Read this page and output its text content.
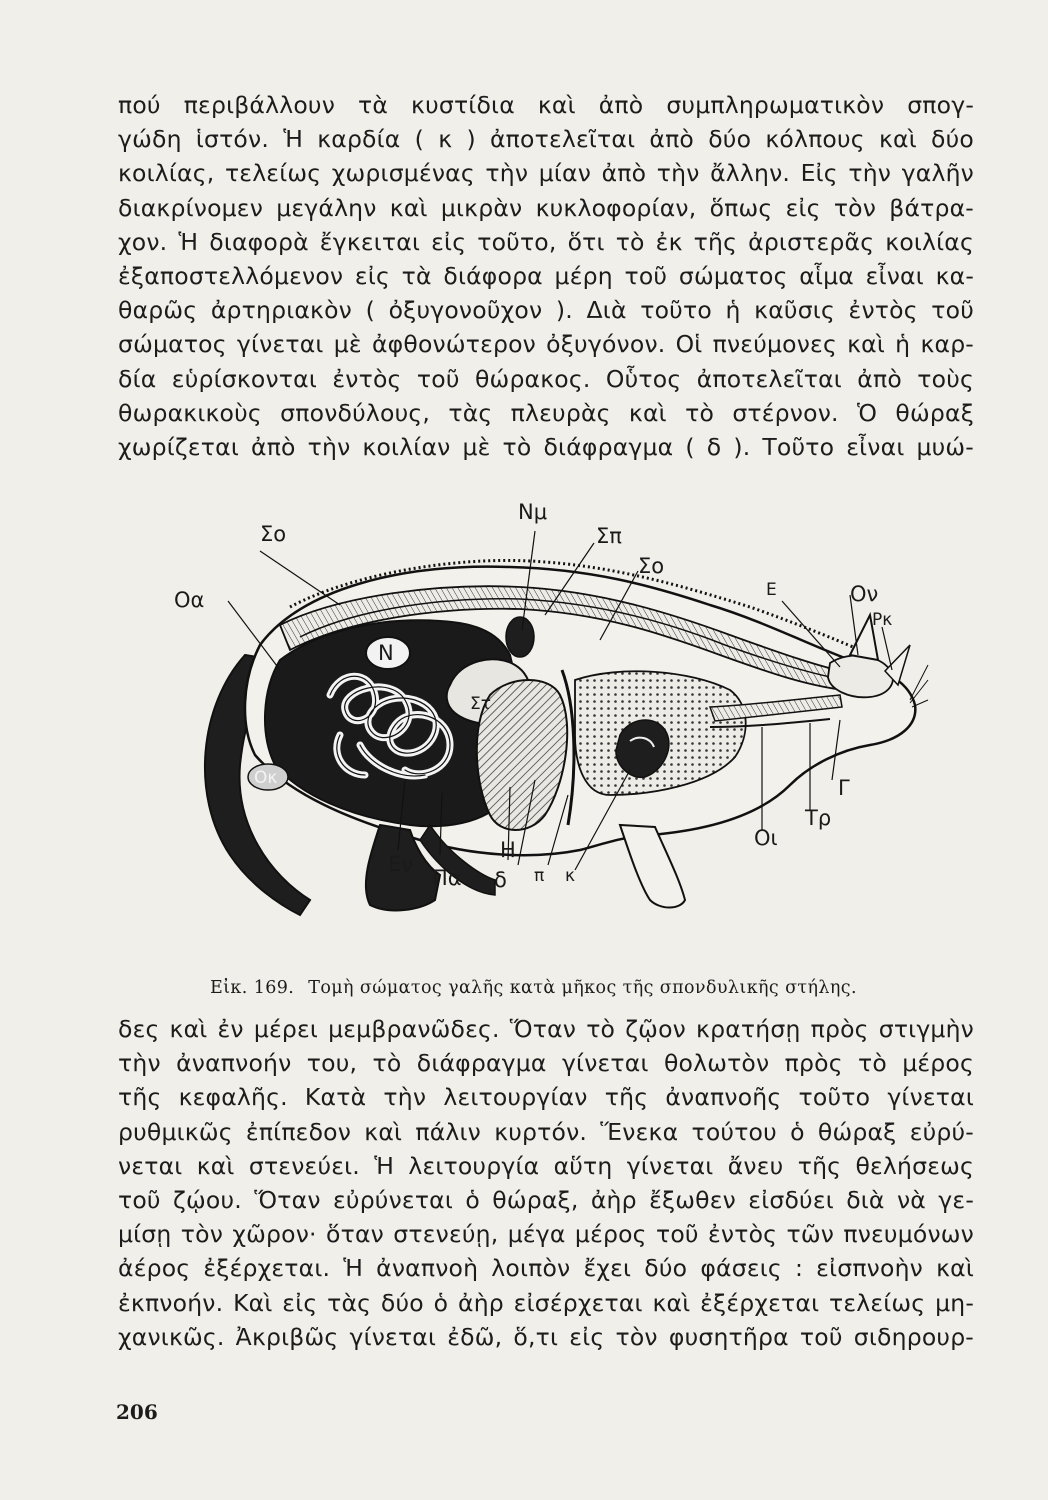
πού περιβάλλουν τὰ κυστίδια καὶ ἀπὸ συμπληρωματικὸν σπογ-
γώδη ἱστόν. Ἡ καρδία ( κ ) ἀποτελεῖται ἀπὸ δύο κόλπους καὶ δύο
κοιλίας, τελείως χωρισμένας τὴν μίαν ἀπὸ τὴν ἄλλην. Εἰς τὴν γαλῆν
διακρίνομεν μεγάλην καὶ μικρὰν κυκλοφορίαν, ὅπως εἰς τὸν βάτρα-
χον. Ἡ διαφορὰ ἔγκειται εἰς τοῦτο, ὅτι τὸ ἐκ τῆς ἀριστερᾶς κοιλίας
ἐξαποστελλόμενον εἰς τὰ διάφορα μέρη τοῦ σώματος αἷμα εἶναι κα-
θαρῶς ἀρτηριακὸν ( ὀξυγονοῦχον ). Διὰ τοῦτο ἡ καῦσις ἐντὸς τοῦ
σώματος γίνεται μὲ ἀφθονώτερον ὀξυγόνον. Οἱ πνεύμονες καὶ ἡ καρ-
δία εὑρίσκονται ἐντὸς τοῦ θώρακος. Οὗτος ἀποτελεῖται ἀπὸ τοὺς
θωρακικοὺς σπονδύλους, τὰς πλευρὰς καὶ τὸ στέρνον. Ὁ θώραξ
χωρίζεται ἀπὸ τὴν κοιλίαν μὲ τὸ διάφραγμα ( δ ). Τοῦτο εἶναι μυώ-
Σο
Οα
Nμ
Σπ
Σο
Ε	Ον
Ρκ
N
Στ
Οκ	Γ
Τρ
Οι
Εν
Πα
Η
δ π κ
Εἰκ. 169. Τομὴ σώματος γαλῆς κατὰ μῆκος τῆς σπονδυλικῆς στήλης.
δες καὶ ἐν μέρει μεμβρανῶδες. Ὅταν τὸ ζῷον κρατήσῃ πρὸς στιγμὴν
τὴν ἀναπνοήν του, τὸ διάφραγμα γίνεται θολωτὸν πρὸς τὸ μέρος
τῆς κεφαλῆς. Κατὰ τὴν λειτουργίαν τῆς ἀναπνοῆς τοῦτο γίνεται
ρυθμικῶς ἐπίπεδον καὶ πάλιν κυρτόν. Ἕνεκα τούτου ὁ θώραξ εὐρύ-
νεται καὶ στενεύει. Ἡ λειτουργία αὕτη γίνεται ἄνευ τῆς θελήσεως
τοῦ ζῴου. Ὅταν εὐρύνεται ὁ θώραξ, ἀὴρ ἔξωθεν εἰσδύει διὰ νὰ γε-
μίσῃ τὸν χῶρον· ὅταν στενεύῃ, μέγα μέρος τοῦ ἐντὸς τῶν πνευμόνων
ἀέρος ἐξέρχεται. Ἡ ἀναπνοὴ λοιπὸν ἔχει δύο φάσεις : εἰσπνοὴν καὶ
ἐκπνοήν. Καὶ εἰς τὰς δύο ὁ ἀὴρ εἰσέρχεται καὶ ἐξέρχεται τελείως μη-
χανικῶς. Ἀκριβῶς γίνεται ἐδῶ, ὅ,τι εἰς τὸν φυσητῆρα τοῦ σιδηρουρ-
206
